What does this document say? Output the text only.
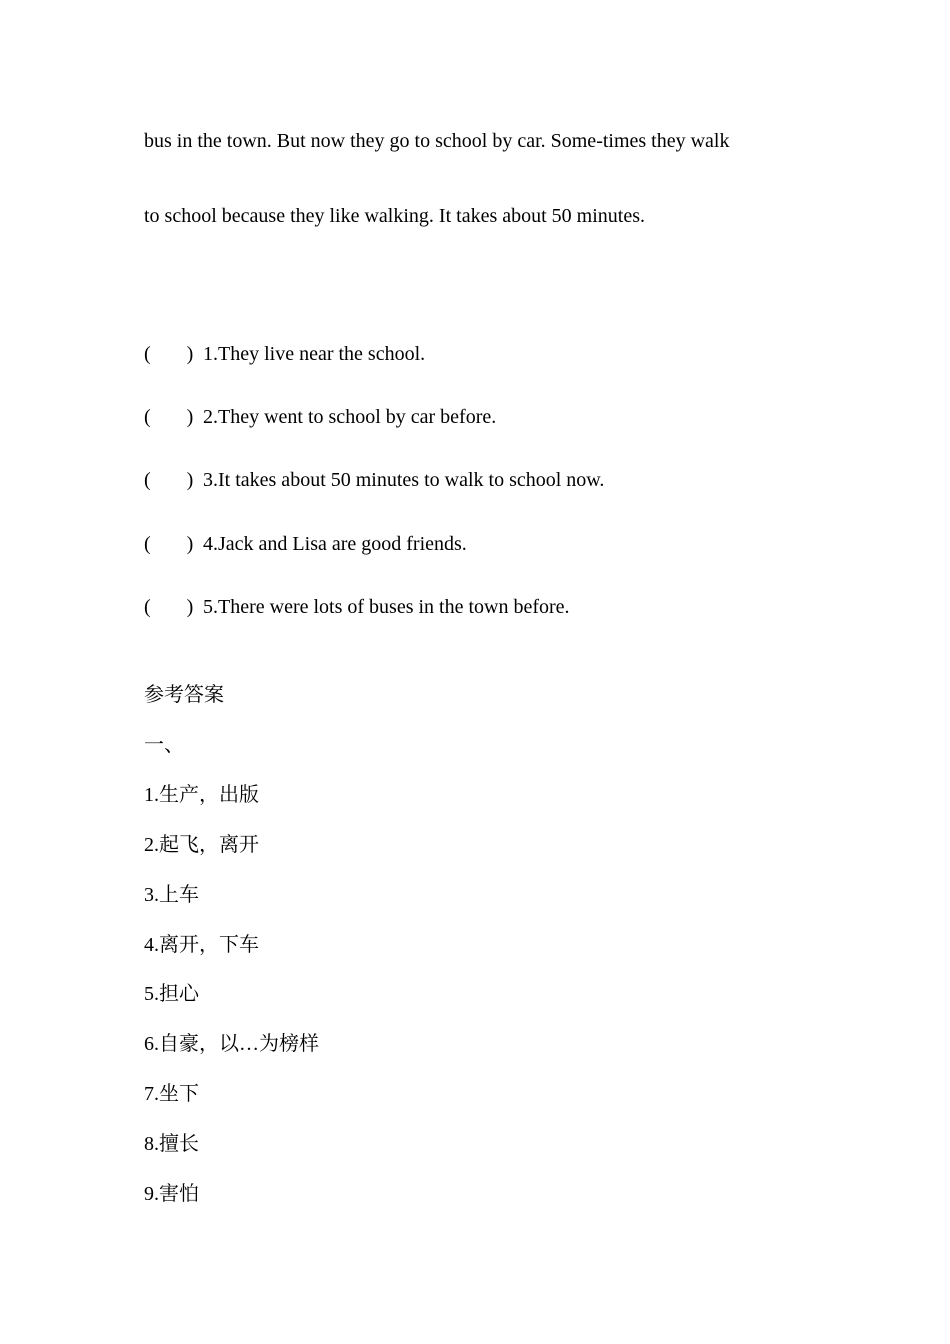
bus in the town. But now they go to school by car. Some-times they walk
to school because they like walking. It takes about 50 minutes.
( ) 1.They live near the school.
( ) 2.They went to school by car before.
( ) 3.It takes about 50 minutes to walk to school now.
( ) 4.Jack and Lisa are good friends.
( ) 5.There were lots of buses in the town before.
参考答案
一、
1.生产，出版
2.起飞，离开
3.上车
4.离开，下车
5.担心
6.自豪，以…为榜样
7.坐下
8.擅长
9.害怕
